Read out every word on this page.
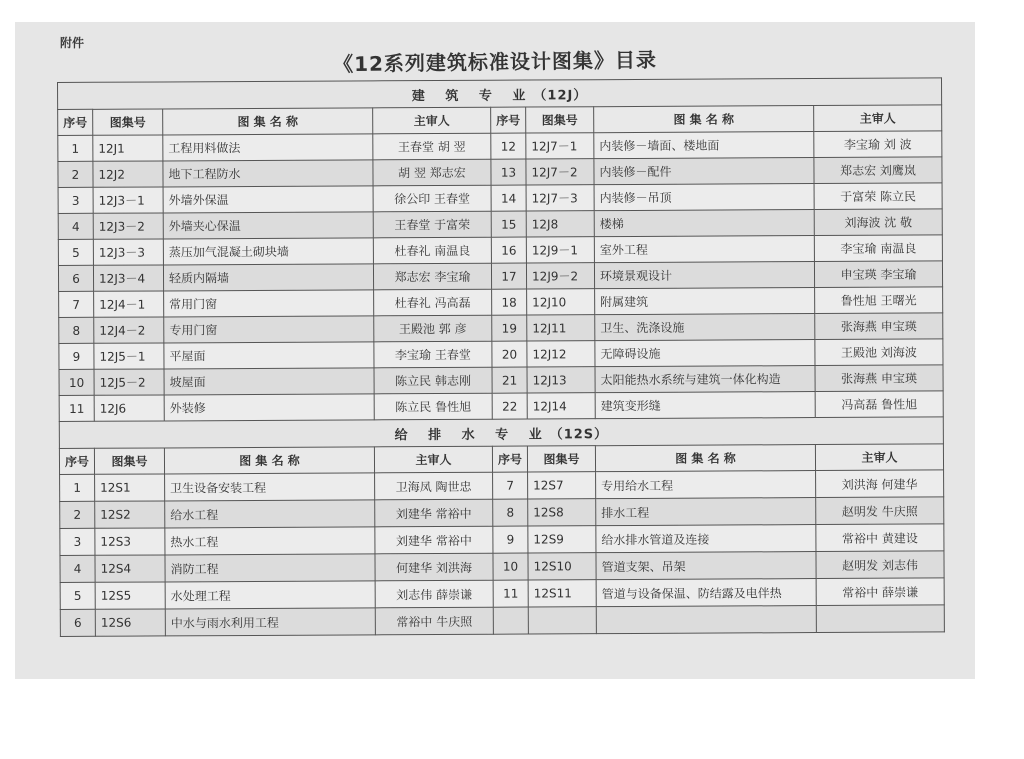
附件
《12系列建筑标准设计图集》目录
建 筑 专 业（12J）							
序号	图集号	图 集 名 称	主审人	序号	图集号	图 集 名 称	主审人
1	12J1	工程用料做法	王春堂 胡 翌	12	12J7－1	内装修－墙面、楼地面	李宝瑜 刘 波
2	12J2	地下工程防水	胡 翌 郑志宏	13	12J7－2	内装修－配件	郑志宏 刘鹰岚
3	12J3－1	外墙外保温	徐公印 王春堂	14	12J7－3	内装修－吊顶	于富荣 陈立民
4	12J3－2	外墙夹心保温	王春堂 于富荣	15	12J8	楼梯	刘海波 沈 敬
5	12J3－3	蒸压加气混凝土砌块墙	杜春礼 南温良	16	12J9－1	室外工程	李宝瑜 南温良
6	12J3－4	轻质内隔墙	郑志宏 李宝瑜	17	12J9－2	环境景观设计	申宝瑛 李宝瑜
7	12J4－1	常用门窗	杜春礼 冯高磊	18	12J10	附属建筑	鲁性旭 王曙光
8	12J4－2	专用门窗	王殿池 郭 彦	19	12J11	卫生、洗涤设施	张海燕 申宝瑛
9	12J5－1	平屋面	李宝瑜 王春堂	20	12J12	无障碍设施	王殿池 刘海波
10	12J5－2	坡屋面	陈立民 韩志刚	21	12J13	太阳能热水系统与建筑一体化构造	张海燕 申宝瑛
11	12J6	外装修	陈立民 鲁性旭	22	12J14	建筑变形缝	冯高磊 鲁性旭
给 排 水 专 业（12S）							
序号	图集号	图 集 名 称	主审人	序号	图集号	图 集 名 称	主审人
1	12S1	卫生设备安装工程	卫海凤 陶世忠	7	12S7	专用给水工程	刘洪海 何建华
2	12S2	给水工程	刘建华 常裕中	8	12S8	排水工程	赵明发 牛庆照
3	12S3	热水工程	刘建华 常裕中	9	12S9	给水排水管道及连接	常裕中 黄建设
4	12S4	消防工程	何建华 刘洪海	10	12S10	管道支架、吊架	赵明发 刘志伟
5	12S5	水处理工程	刘志伟 薛崇谦	11	12S11	管道与设备保温、防结露及电伴热	常裕中 薛崇谦
6	12S6	中水与雨水利用工程	常裕中 牛庆照				
